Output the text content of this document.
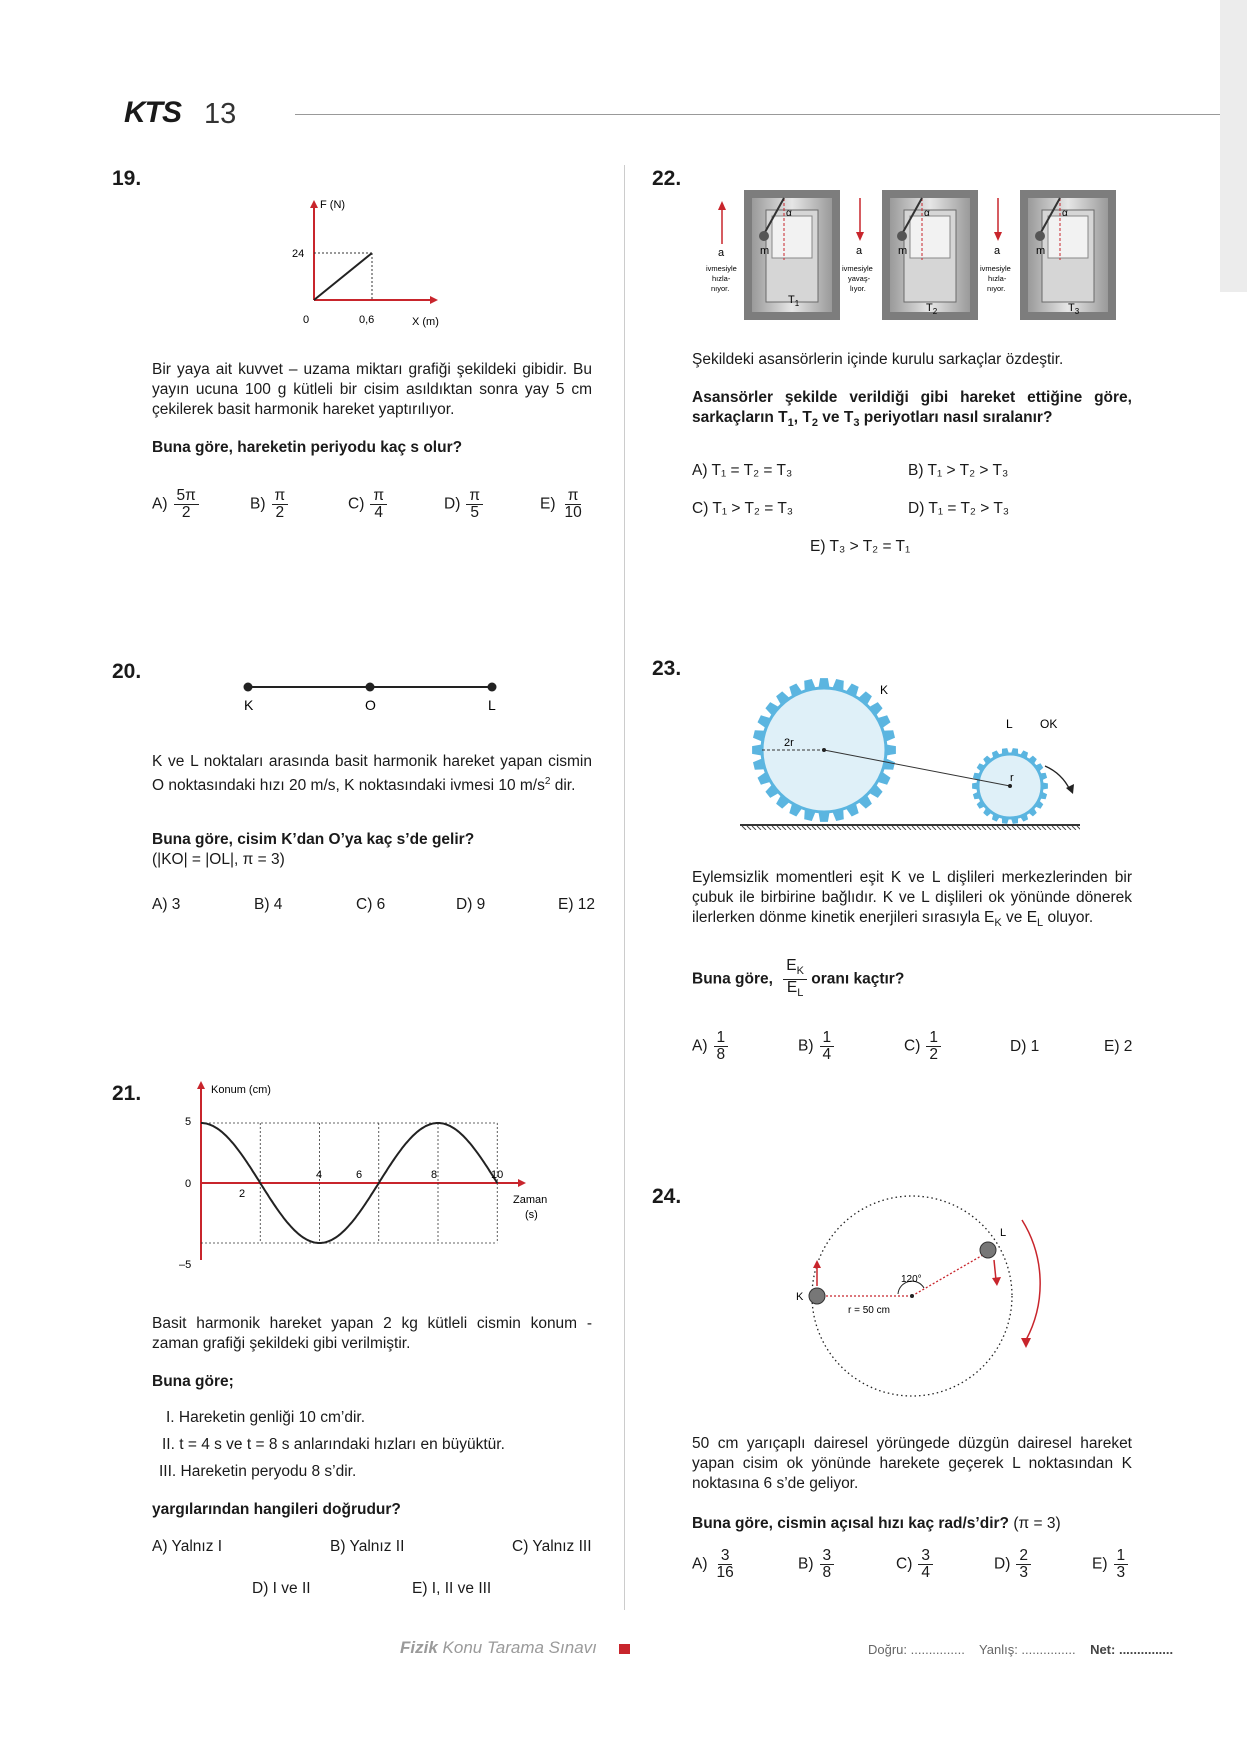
KTS 13
19.
F (N)
24
0	0,6	X (m)
Bir yaya ait kuvvet – uzama miktarı grafiği şekildeki gibidir. Bu yayın ucuna 100 g kütleli bir cisim asıldıktan sonra yay 5 cm çekilerek basit harmonik hareket yaptırılıyor.
Buna göre, hareketin periyodu kaç s olur?
$A) \frac{5\pi}{2}$	$B) \frac{\pi}{2}$	$C) \frac{\pi}{4}$	$D) \frac{\pi}{5}$	$E) \frac{\pi}{10}$
20.
K	O	L
K ve L noktaları arasında basit harmonik hareket yapan cismin O noktasındaki hızı 20 m/s, K noktasındaki ivmesi 10 $m/s^2$ dir.
Buna göre, cisim K’dan O’ya kaç s’de gelir?
(|KO| = |OL|, π = 3)
A) 3	B) 4	C) 6	D) 9	E) 12
21.	Konum (cm)
5
0
–5
2
4	6	8	10
Zaman
(s)
Basit harmonik hareket yapan 2 kg kütleli cismin konum - zaman grafiği şekildeki gibi verilmiştir.
Buna göre;
I. Hareketin genliği 10 cm’dir.
II. t = 4 s ve t = 8 s anlarındaki hızları en büyüktür.
III. Hareketin peryodu 8 s’dir.
yargılarından hangileri doğrudur?
A) Yalnız I	B) Yalnız II	C) Yalnız III
D) I ve II	E) I, II ve III
22.
m
α
$T_1$
a
ivmesiyle
hızla-
nıyor.
m
α
$T_2$
a
ivmesiyle
yavaş-
lıyor.
m
α
$T_3$
a
ivmesiyle
hızla-
nıyor.
Şekildeki asansörlerin içinde kurulu sarkaçlar özdeştir.
Asansörler şekilde verildiği gibi hareket ettiğine göre, sarkaçların $T_1$, $T_2$ ve $T_3$ periyotları nasıl sıralanır?
A) T₁ = T₂ = T₃	B) T₁ > T₂ > T₃
C) T₁ > T₂ = T₃	D) T₁ = T₂ > T₃
E) T₃ > T₂ = T₁
23.
K
L OK
2r
r
Eylemsizlik momentleri eşit K ve L dişlileri merkezlerinden bir çubuk ile birbirine bağlıdır. K ve L dişlileri ok yönünde dönerek ilerlerken dönme kinetik enerjileri sırasıyla $E_K$ ve $E_L$ oluyor.
Buna göre, $\frac{E_K}{E_L}$ oranı kaçtır?
$A) \frac{1}{8}$	$B) \frac{1}{4}$	$C) \frac{1}{2}$	D) 1	E) 2
24.
K
L
120°
r = 50 cm
50 cm yarıçaplı dairesel yörüngede düzgün dairesel hareket yapan cisim ok yönünde harekete geçerek L noktasından K noktasına 6 s’de geliyor.
Buna göre, cismin açısal hızı kaç rad/s’dir? (π = 3)
$A) \frac{3}{16}$	$B) \frac{3}{8}$	$C) \frac{3}{4}$	$D) \frac{2}{3}$	$E) \frac{1}{3}$
Fizik Konu Tarama Sınavı	Doğru: ............... Yanlış: ............... Net: ...............
